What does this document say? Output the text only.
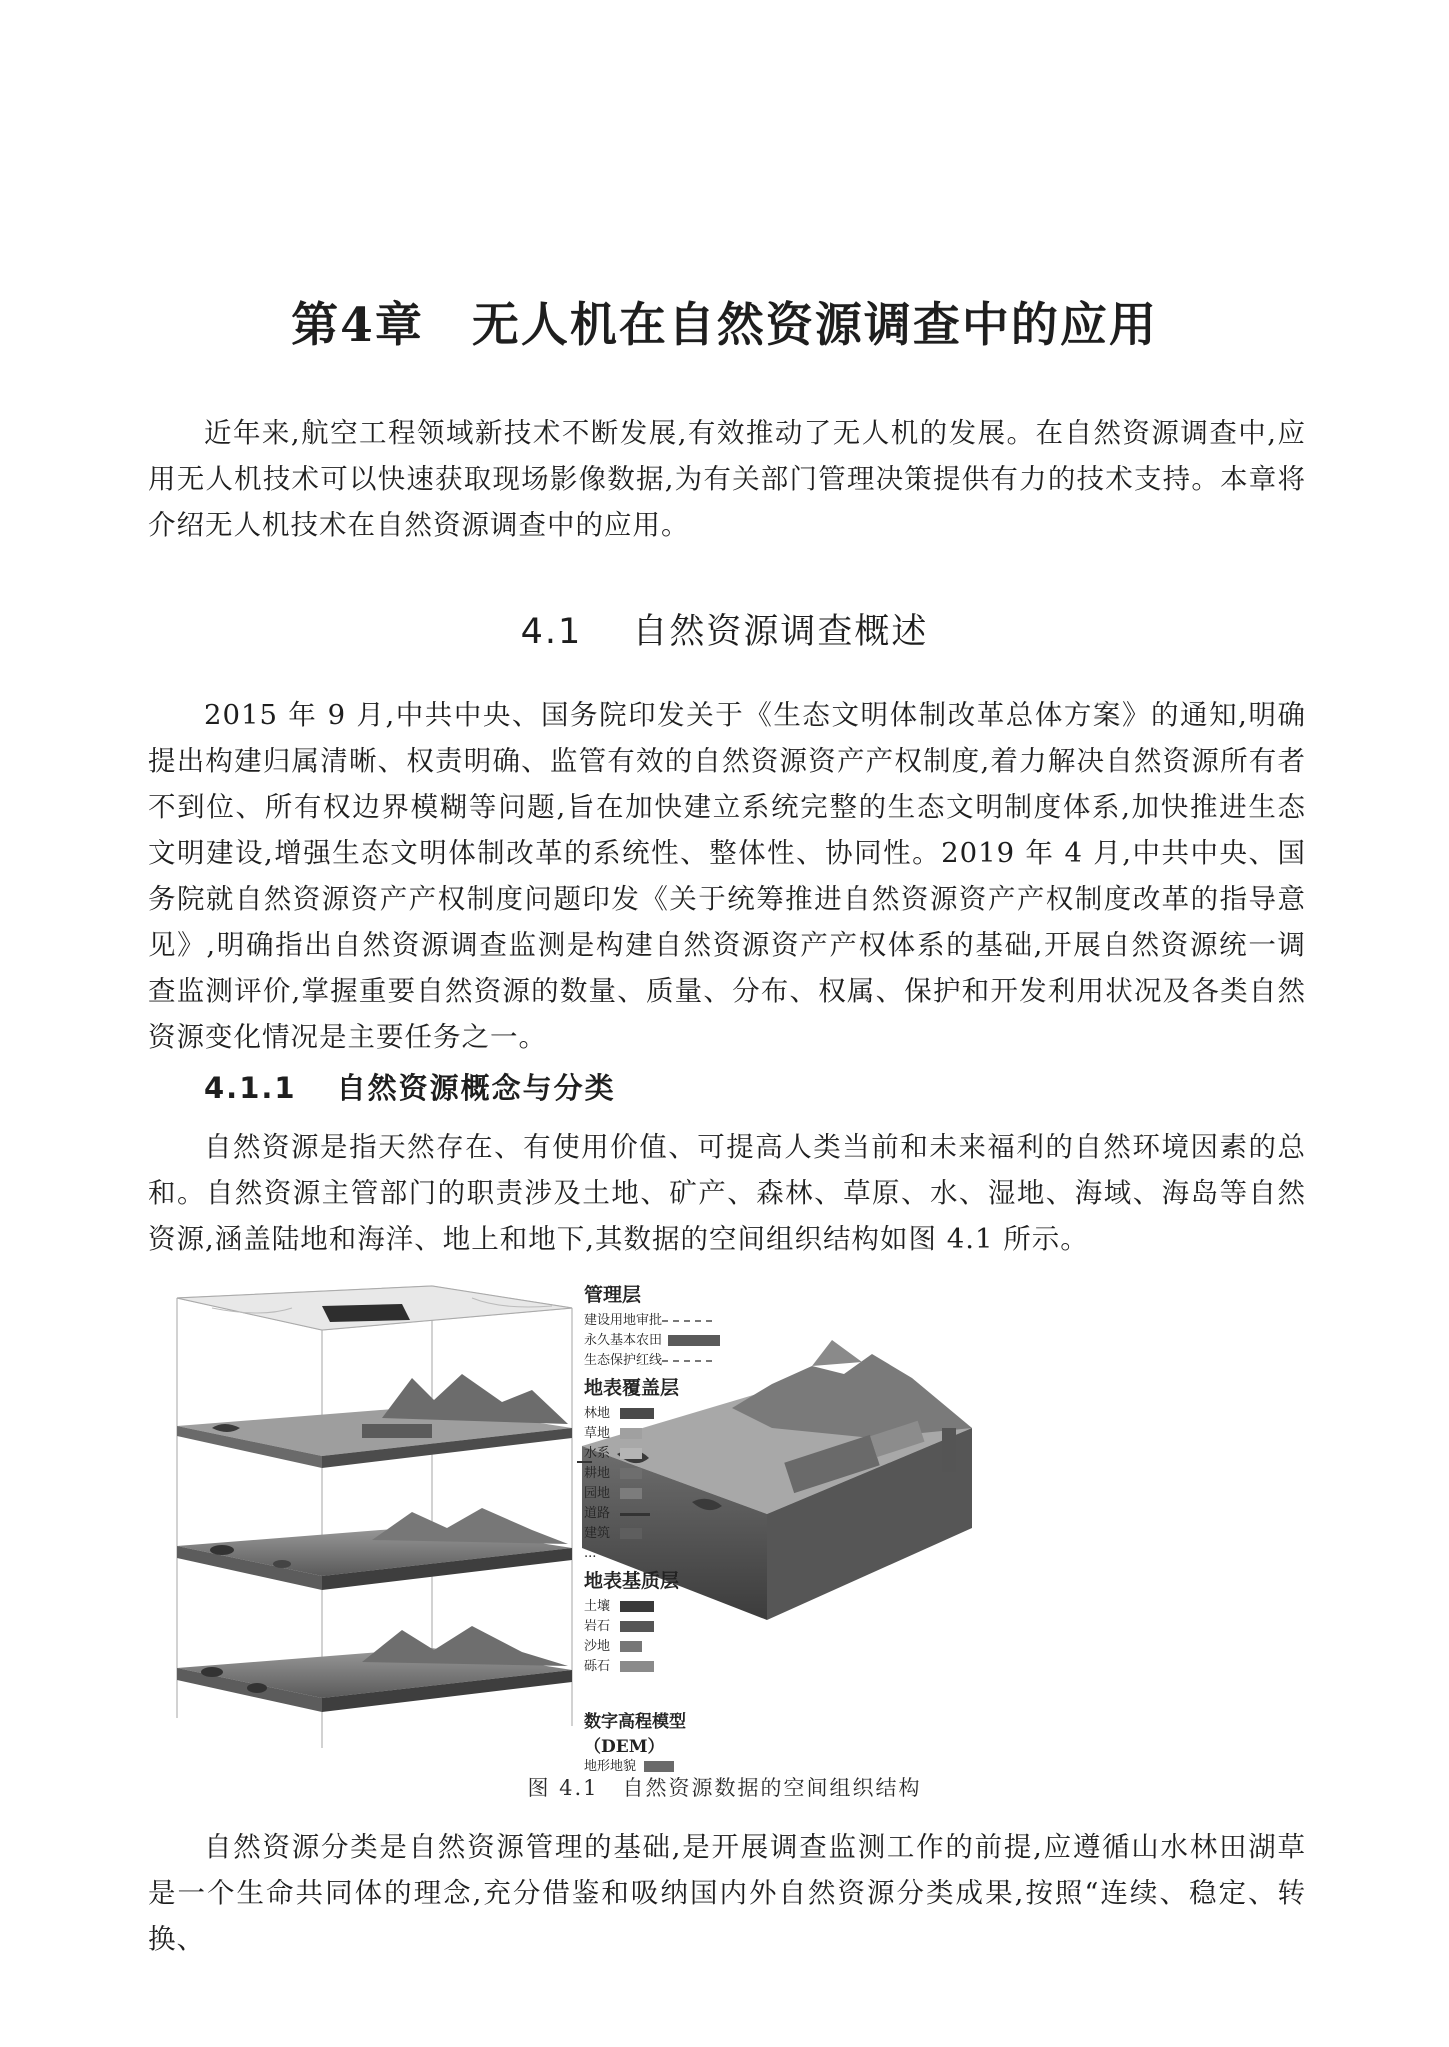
第4章 无人机在自然资源调查中的应用

近年来,航空工程领域新技术不断发展,有效推动了无人机的发展。在自然资源调查中,应用无人机技术可以快速获取现场影像数据,为有关部门管理决策提供有力的技术支持。本章将介绍无人机技术在自然资源调查中的应用。

4.1 自然资源调查概述

2015 年 9 月,中共中央、国务院印发关于《生态文明体制改革总体方案》的通知,明确提出构建归属清晰、权责明确、监管有效的自然资源资产产权制度,着力解决自然资源所有者不到位、所有权边界模糊等问题,旨在加快建立系统完整的生态文明制度体系,加快推进生态文明建设,增强生态文明体制改革的系统性、整体性、协同性。2019 年 4 月,中共中央、国务院就自然资源资产产权制度问题印发《关于统筹推进自然资源资产产权制度改革的指导意见》,明确指出自然资源调查监测是构建自然资源资产产权体系的基础,开展自然资源统一调查监测评价,掌握重要自然资源的数量、质量、分布、权属、保护和开发利用状况及各类自然资源变化情况是主要任务之一。

4.1.1 自然资源概念与分类

自然资源是指天然存在、有使用价值、可提高人类当前和未来福利的自然环境因素的总和。自然资源主管部门的职责涉及土地、矿产、森林、草原、水、湿地、海域、海岛等自然资源,涵盖陆地和海洋、地上和地下,其数据的空间组织结构如图 4.1 所示。

管理层
建设用地审批
永久基本农田
生态保护红线
地表覆盖层
林地
草地
水系
耕地
园地
道路
建筑
...
地表基质层
土壤
岩石
沙地
砾石
数字高程模型（DEM）
地形地貌
图 4.1 自然资源数据的空间组织结构

自然资源分类是自然资源管理的基础,是开展调查监测工作的前提,应遵循山水林田湖草是一个生命共同体的理念,充分借鉴和吸纳国内外自然资源分类成果,按照“连续、稳定、转换、
